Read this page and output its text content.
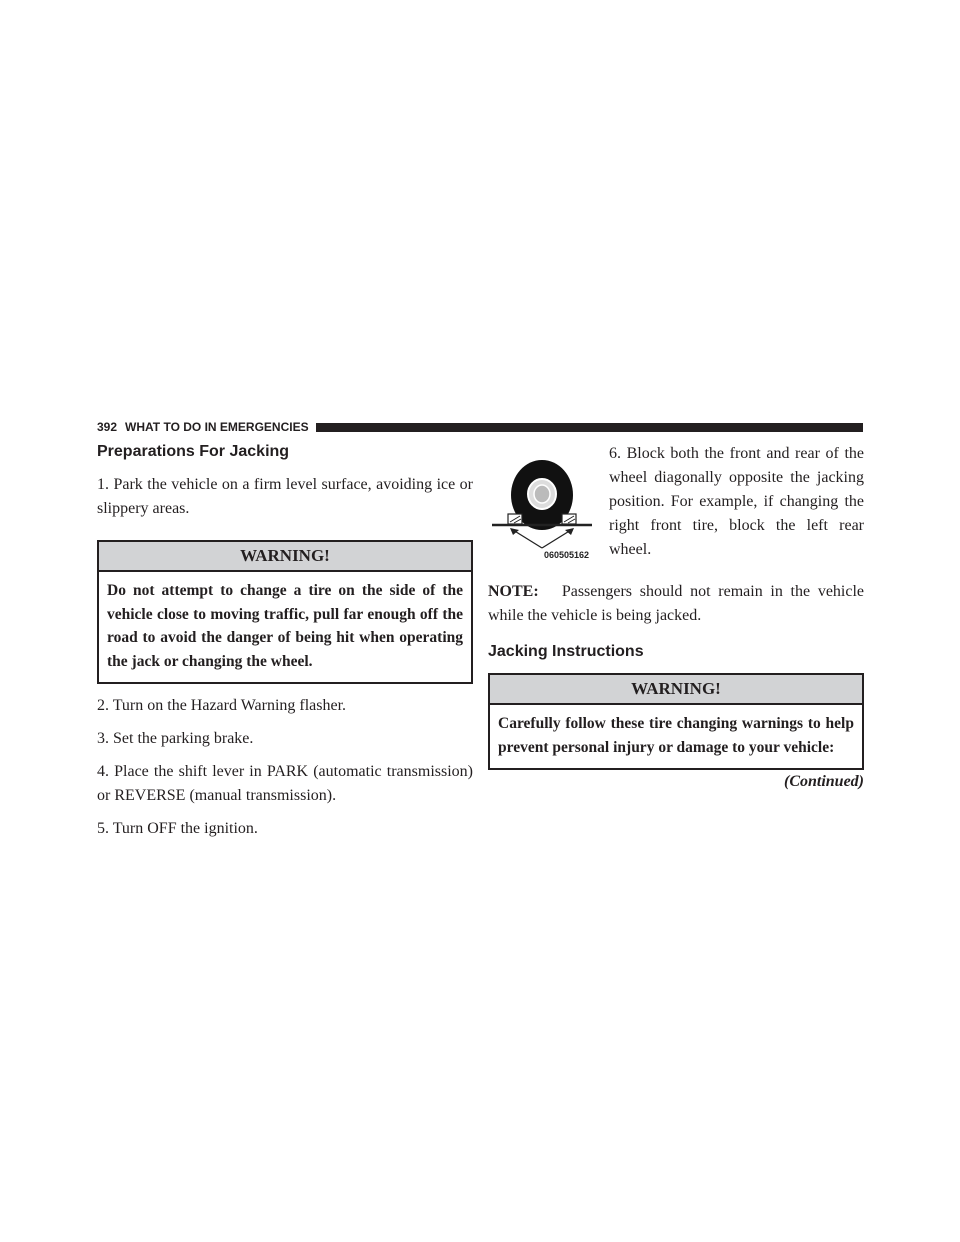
392 WHAT TO DO IN EMERGENCIES
Preparations For Jacking

1. Park the vehicle on a firm level surface, avoiding ice or slippery areas.

WARNING!
Do not attempt to change a tire on the side of the vehicle close to moving traffic, pull far enough off the road to avoid the danger of being hit when operating the jack or changing the wheel.

2. Turn on the Hazard Warning flasher.

3. Set the parking brake.

4. Place the shift lever in PARK (automatic transmission) or REVERSE (manual transmission).

5. Turn OFF the ignition.

060505162

6. Block both the front and rear of the wheel diagonally opposite the jacking position. For example, if changing the right front tire, block the left rear wheel.

NOTE: Passengers should not remain in the vehicle while the vehicle is being jacked.

Jacking Instructions
WARNING!
Carefully follow these tire changing warnings to help prevent personal injury or damage to your vehicle:
(Continued)
